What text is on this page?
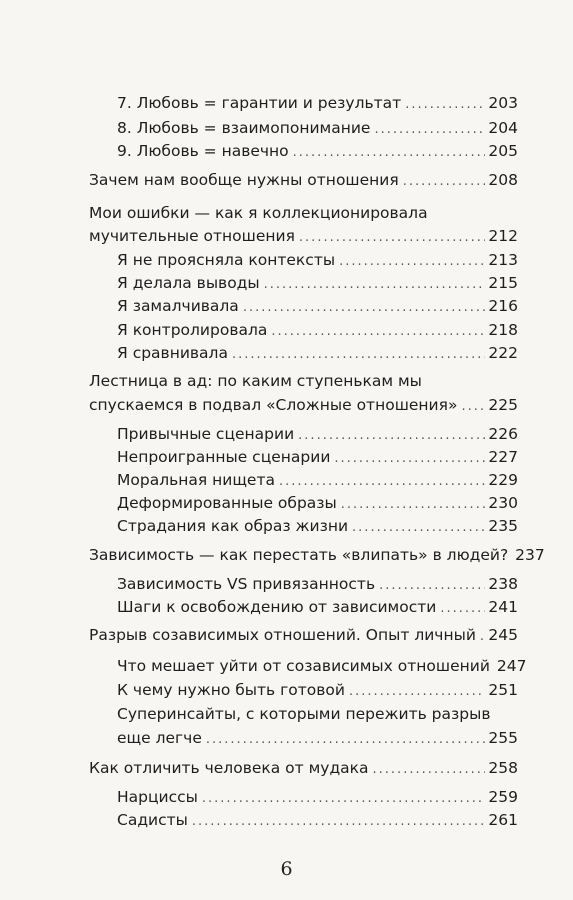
7. Любовь = гарантии и результат .....	203
8. Любовь = взаимопонимание .....	204
9. Любовь = навечно .....	205
Зачем нам вообще нужны отношения .....	208
Мои ошибки — как я коллекционировала
мучительные отношения .....	212
Я не проясняла контексты .....	213
Я делала выводы .....	215
Я замалчивала .....	216
Я контролировала .....	218
Я сравнивала .....	222
Лестница в ад: по каким ступенькам мы
спускаемся в подвал «Сложные отношения» ..... 225
Привычные сценарии .....	226
Непроигранные сценарии .....	227
Моральная нищета .....	229
Деформированные образы .....	230
Страдания как образ жизни .....	235
Зависимость — как перестать «влипать» в людей? 237
Зависимость VS привязанность .....	238
Шаги к освобождению от зависимости .....	241
Разрыв созависимых отношений. Опыт личный ..... 245
Что мешает уйти от созависимых отношений 247
К чему нужно быть готовой .....	251
Суперинсайты, с которыми пережить разрыв
еще легче .....	255
Как отличить человека от мудака .....	258
Нарциссы .....	259
Садисты .....	261
6
